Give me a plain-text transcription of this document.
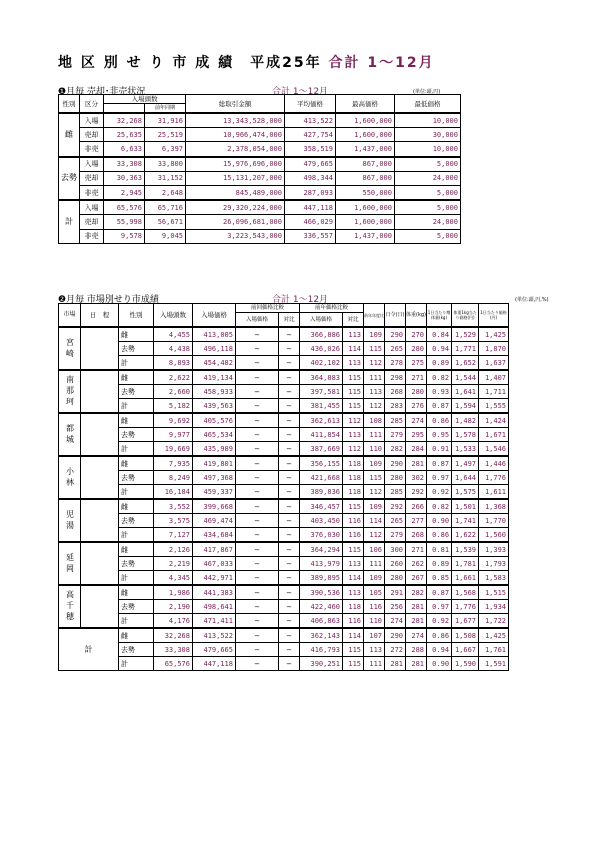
地 区 別 せ り 市 成 績　平成25年 合計 1〜12月
❶月毎 売却･非売状況	合計 1〜12月	(単位:頭,円)
性別	区分	入場頭数		総取引金額	平均価格	最高価格	最低価格
			前年同期				
雌	入場	32,268	31,916	13,343,528,000	413,522	1,600,000	10,000
	売却	25,635	25,519	10,966,474,000	427,754	1,600,000	30,000
	非売	6,633	6,397	2,378,054,000	358,519	1,437,000	10,000
去勢	入場	33,308	33,800	15,976,696,000	479,665	867,000	5,000
	売却	30,363	31,152	15,131,207,000	498,344	867,000	24,000
	非売	2,945	2,648	845,489,000	287,093	550,000	5,000
計	入場	65,576	65,716	29,320,224,000	447,118	1,600,000	5,000
	売却	55,998	56,671	26,096,681,000	466,029	1,600,000	24,000
	非売	9,578	9,045	3,223,543,000	336,557	1,437,000	5,000
❷月毎 市場別せり市成績	合計 1〜12月	(単位:頭,円,%)
市場	日　程	性別	入場頭数	入場価格	前回価格比較		前年価格比較		前年年度比	日令(日)	体重(kg)	1日当たり増体量(kg)	体重1kg当たり価格(円)	1日当たり価格(円)
					入場価格	対比	入場価格	対比						
宮崎		雌	4,455	413,005	−	−	366,886	113	109	290	270	0.84	1,529	1,425
		去勢	4,438	496,118	−	−	436,026	114	115	265	280	0.94	1,771	1,870
		計	8,893	454,482	−	−	402,102	113	112	278	275	0.89	1,652	1,637
南那珂		雌	2,622	419,134	−	−	364,883	115	111	298	271	0.82	1,544	1,407
		去勢	2,660	458,933	−	−	397,581	115	113	268	280	0.93	1,641	1,711
		計	5,182	439,563	−	−	381,455	115	112	283	276	0.87	1,594	1,555
都城		雌	9,692	405,576	−	−	362,613	112	108	285	274	0.86	1,482	1,424
		去勢	9,977	465,534	−	−	411,854	113	111	279	295	0.95	1,578	1,671
		計	19,669	435,989	−	−	387,669	112	110	282	284	0.91	1,533	1,546
小林		雌	7,935	419,801	−	−	356,155	118	109	290	281	0.87	1,497	1,446
		去勢	8,249	497,368	−	−	421,668	118	115	280	302	0.97	1,644	1,776
		計	16,184	459,337	−	−	389,836	118	112	285	292	0.92	1,575	1,611
児湯		雌	3,552	399,668	−	−	346,457	115	109	292	266	0.82	1,501	1,368
		去勢	3,575	469,474	−	−	403,450	116	114	265	277	0.90	1,741	1,770
		計	7,127	434,684	−	−	376,030	116	112	279	268	0.86	1,622	1,560
延岡		雌	2,126	417,867	−	−	364,294	115	106	300	271	0.81	1,539	1,393
		去勢	2,219	467,033	−	−	413,979	113	111	260	262	0.89	1,781	1,793
		計	4,345	442,971	−	−	389,895	114	109	280	267	0.85	1,661	1,583
高千穂		雌	1,986	441,383	−	−	390,536	113	105	291	282	0.87	1,568	1,515
		去勢	2,190	498,641	−	−	422,460	118	116	256	281	0.97	1,776	1,934
		計	4,176	471,411	−	−	406,863	116	110	274	281	0.92	1,677	1,722
計		雌	32,268	413,522	−	−	362,143	114	107	290	274	0.86	1,508	1,425
		去勢	33,308	479,665	−	−	416,793	115	113	272	288	0.94	1,667	1,761
		計	65,576	447,118	−	−	390,251	115	111	281	281	0.90	1,590	1,591
